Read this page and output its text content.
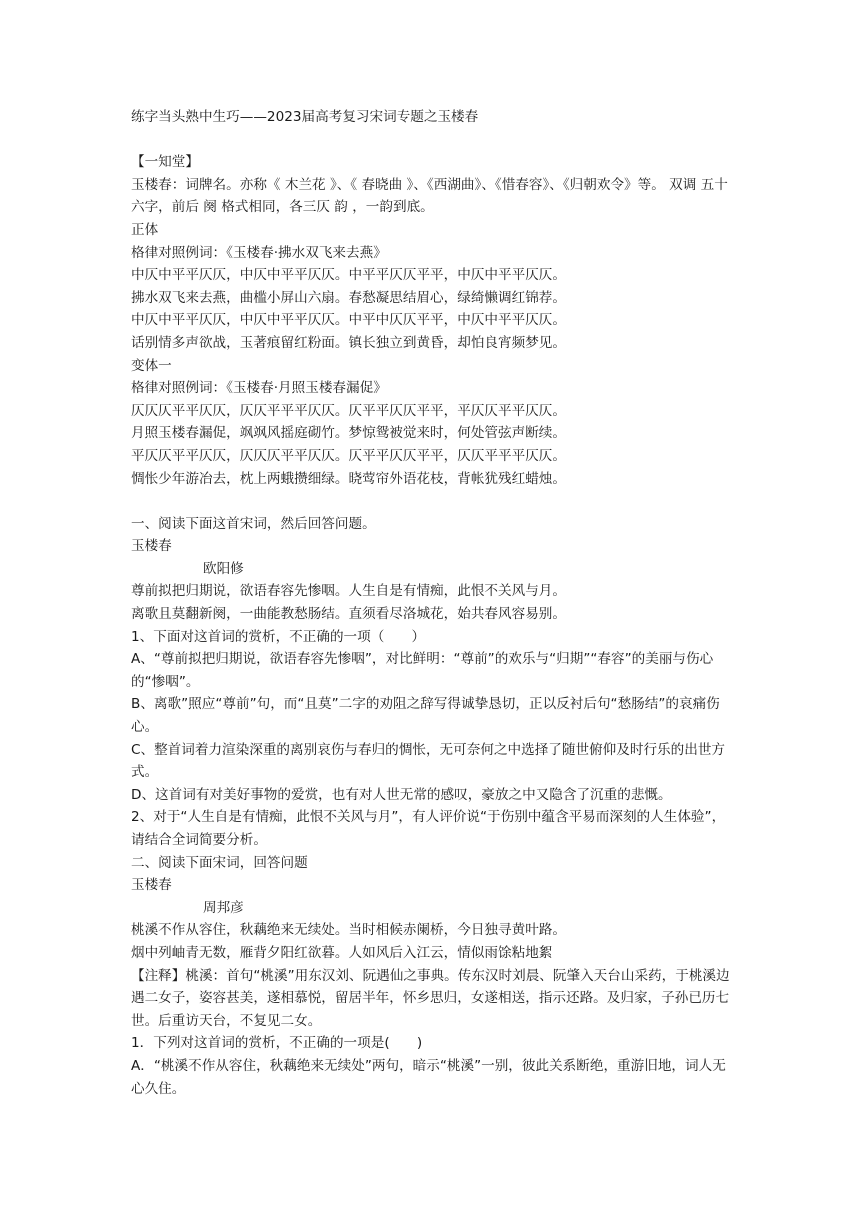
练字当头熟中生巧——2023届高考复习宋词专题之玉楼春

【一知堂】

玉楼春：词牌名。亦称《 木兰花 》、《 春晓曲 》、《西湖曲》、《惜春容》、《归朝欢令》等。 双调 五十六字，前后 阕 格式相同，各三仄 韵 ，一韵到底。

正体

格律对照例词：《玉楼春·拂水双飞来去燕》

中仄中平平仄仄，中仄中平平仄仄。中平平仄仄平平，中仄中平平仄仄。

拂水双飞来去燕，曲槛小屏山六扇。春愁凝思结眉心，绿绮懒调红锦荐。

中仄中平平仄仄，中仄中平平仄仄。中平中仄仄平平，中仄中平平仄仄。

话别情多声欲战，玉著痕留红粉面。镇长独立到黄昏，却怕良宵频梦见。

变体一

格律对照例词：《玉楼春·月照玉楼春漏促》

仄仄仄平平仄仄，仄仄平平平仄仄。仄平平仄仄平平，平仄仄平平仄仄。

月照玉楼春漏促，飒飒风摇庭砌竹。梦惊鸳被觉来时，何处管弦声断续。

平仄仄平平仄仄，仄仄仄平平仄仄。仄平平仄仄平平，仄仄平平平仄仄。

惆怅少年游冶去，枕上两蛾攒细绿。晓莺帘外语花枝，背帐犹残红蜡烛。

一、阅读下面这首宋词，然后回答问题。

玉楼春

欧阳修

尊前拟把归期说，欲语春容先惨咽。人生自是有情痴，此恨不关风与月。

离歌且莫翻新阕，一曲能教愁肠结。直须看尽洛城花，始共春风容易别。

1、下面对这首词的赏析，不正确的一项（　　）

A、“尊前拟把归期说，欲语春容先惨咽”，对比鲜明：“尊前”的欢乐与“归期”“春容”的美丽与伤心的“惨咽”。

B、离歌”照应“尊前”句，而“且莫”二字的劝阻之辞写得诚挚恳切，正以反衬后句“愁肠结”的哀痛伤心。

C、整首词着力渲染深重的离别哀伤与春归的惆怅，无可奈何之中选择了随世俯仰及时行乐的出世方式。

D、这首词有对美好事物的爱赏，也有对人世无常的感叹，豪放之中又隐含了沉重的悲慨。

2、对于“人生自是有情痴，此恨不关风与月”，有人评价说“于伤别中蕴含平易而深刻的人生体验”，请结合全词简要分析。

二、阅读下面宋词，回答问题

玉楼春

周邦彦

桃溪不作从容住，秋藕绝来无续处。当时相候赤阑桥，今日独寻黄叶路。

烟中列岫青无数，雁背夕阳红欲暮。人如风后入江云，情似雨馀粘地絮

【注释】桃溪：首句“桃溪”用东汉刘、阮遇仙之事典。传东汉时刘晨、阮肇入天台山采药，于桃溪边遇二女子，姿容甚美，遂相慕悦，留居半年，怀乡思归，女遂相送，指示还路。及归家，子孙已历七世。后重访天台，不复见二女。

1．下列对这首词的赏析，不正确的一项是(　　)

A．“桃溪不作从容住，秋藕绝来无续处”两句，暗示“桃溪”一别，彼此关系断绝，重游旧地，词人无心久住。
